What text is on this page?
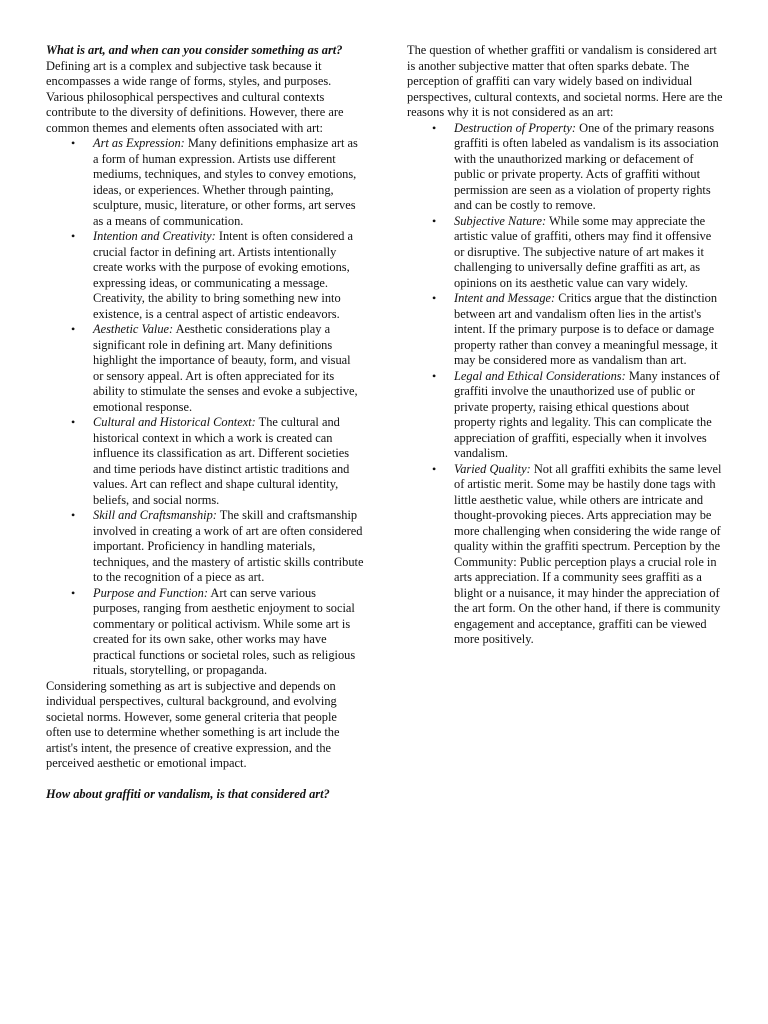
What is art, and when can you consider something as art?

Defining art is a complex and subjective task because it encompasses a wide range of forms, styles, and purposes. Various philosophical perspectives and cultural contexts contribute to the diversity of definitions. However, there are common themes and elements often associated with art:

• Art as Expression: Many definitions emphasize art as a form of human expression. Artists use different mediums, techniques, and styles to convey emotions, ideas, or experiences. Whether through painting, sculpture, music, literature, or other forms, art serves as a means of communication.
• Intention and Creativity: Intent is often considered a crucial factor in defining art. Artists intentionally create works with the purpose of evoking emotions, expressing ideas, or communicating a message. Creativity, the ability to bring something new into existence, is a central aspect of artistic endeavors.
• Aesthetic Value: Aesthetic considerations play a significant role in defining art. Many definitions highlight the importance of beauty, form, and visual or sensory appeal. Art is often appreciated for its ability to stimulate the senses and evoke a subjective, emotional response.
• Cultural and Historical Context: The cultural and historical context in which a work is created can influence its classification as art. Different societies and time periods have distinct artistic traditions and values. Art can reflect and shape cultural identity, beliefs, and social norms.
• Skill and Craftsmanship: The skill and craftsmanship involved in creating a work of art are often considered important. Proficiency in handling materials, techniques, and the mastery of artistic skills contribute to the recognition of a piece as art.
• Purpose and Function: Art can serve various purposes, ranging from aesthetic enjoyment to social commentary or political activism. While some art is created for its own sake, other works may have practical functions or societal roles, such as religious rituals, storytelling, or propaganda.

Considering something as art is subjective and depends on individual perspectives, cultural background, and evolving societal norms. However, some general criteria that people often use to determine whether something is art include the artist's intent, the presence of creative expression, and the perceived aesthetic or emotional impact.

How about graffiti or vandalism, is that considered art?

The question of whether graffiti or vandalism is considered art is another subjective matter that often sparks debate. The perception of graffiti can vary widely based on individual perspectives, cultural contexts, and societal norms. Here are the reasons why it is not considered as an art:

• Destruction of Property: One of the primary reasons graffiti is often labeled as vandalism is its association with the unauthorized marking or defacement of public or private property. Acts of graffiti without permission are seen as a violation of property rights and can be costly to remove.
• Subjective Nature: While some may appreciate the artistic value of graffiti, others may find it offensive or disruptive. The subjective nature of art makes it challenging to universally define graffiti as art, as opinions on its aesthetic value can vary widely.
• Intent and Message: Critics argue that the distinction between art and vandalism often lies in the artist's intent. If the primary purpose is to deface or damage property rather than convey a meaningful message, it may be considered more as vandalism than art.
• Legal and Ethical Considerations: Many instances of graffiti involve the unauthorized use of public or private property, raising ethical questions about property rights and legality. This can complicate the appreciation of graffiti, especially when it involves vandalism.
• Varied Quality: Not all graffiti exhibits the same level of artistic merit. Some may be hastily done tags with little aesthetic value, while others are intricate and thought-provoking pieces. Arts appreciation may be more challenging when considering the wide range of quality within the graffiti spectrum. Perception by the Community: Public perception plays a crucial role in arts appreciation. If a community sees graffiti as a blight or a nuisance, it may hinder the appreciation of the art form. On the other hand, if there is community engagement and acceptance, graffiti can be viewed more positively.
